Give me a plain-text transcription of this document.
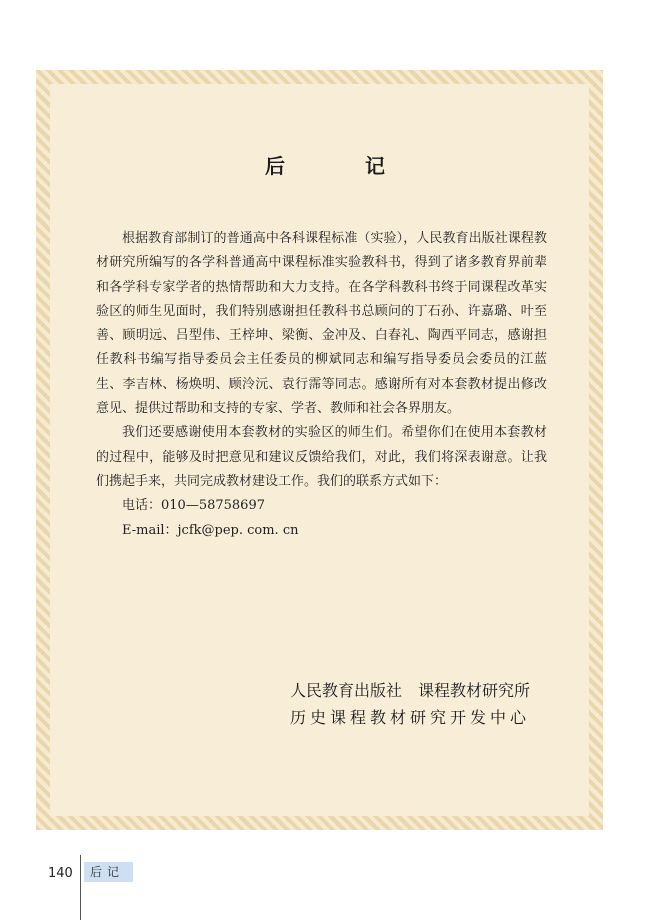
后　记

根据教育部制订的普通高中各科课程标准（实验），人民教育出版社课程教材研究所编写的各学科普通高中课程标准实验教科书，得到了诸多教育界前辈和各学科专家学者的热情帮助和大力支持。在各学科教科书终于同课程改革实验区的师生见面时，我们特别感谢担任教科书总顾问的丁石孙、许嘉璐、叶至善、顾明远、吕型伟、王梓坤、梁衡、金冲及、白春礼、陶西平同志，感谢担任教科书编写指导委员会主任委员的柳斌同志和编写指导委员会委员的江蓝生、李吉林、杨焕明、顾泠沅、袁行霈等同志。感谢所有对本套教材提出修改意见、提供过帮助和支持的专家、学者、教师和社会各界朋友。

我们还要感谢使用本套教材的实验区的师生们。希望你们在使用本套教材的过程中，能够及时把意见和建议反馈给我们，对此，我们将深表谢意。让我们携起手来，共同完成教材建设工作。我们的联系方式如下：

电话：010—58758697
E-mail：jcfk@pep. com. cn
人民教育出版社　课程教材研究所
历史课程教材研究开发中心
140	后记
